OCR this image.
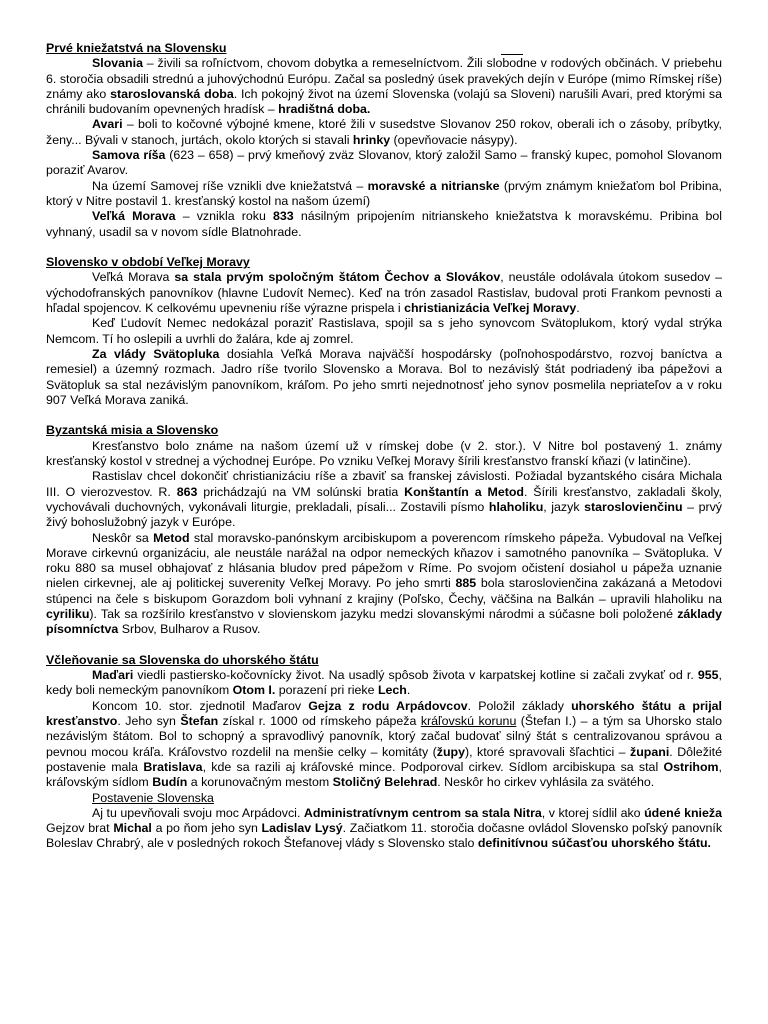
Prvé kniežatstvá na Slovensku

Slovania – živili sa roľníctvom, chovom dobytka a remeselníctvom. Žili slobodne v rodových občinách. V priebehu 6. storočia obsadili strednú a juhovýchodnú Európu. Začal sa posledný úsek pravekých dejín v Európe (mimo Rímskej ríše) známy ako staroslovanská doba. Ich pokojný život na území Slovenska (volajú sa Sloveni) narušili Avari, pred ktorými sa chránili budovaním opevnených hradísk – hradištná doba.

Avari – boli to kočovné výbojné kmene, ktoré žili v susedstve Slovanov 250 rokov, oberali ich o zásoby, príbytky, ženy... Bývali v stanoch, jurtách, okolo ktorých si stavali hrinky (opevňovacie násypy).

Samova ríša (623 – 658) – prvý kmeňový zväz Slovanov, ktorý založil Samo – franský kupec, pomohol Slovanom poraziť Avarov.

Na území Samovej ríše vznikli dve kniežatstvá – moravské a nitrianske (prvým známym kniežaťom bol Pribina, ktorý v Nitre postavil 1. kresťanský kostol na našom území)

Veľká Morava – vznikla roku 833 násilným pripojením nitrianskeho kniežatstva k moravskému. Pribina bol vyhnaný, usadil sa v novom sídle Blatnohrade.

Slovensko v období Veľkej Moravy

Veľká Morava sa stala prvým spoločným štátom Čechov a Slovákov, neustále odolávala útokom susedov – východofranských panovníkov (hlavne Ľudovít Nemec). Keď na trón zasadol Rastislav, budoval proti Frankom pevnosti a hľadal spojencov. K celkovému upevneniu ríše výrazne prispela i christianizácia Veľkej Moravy.

Keď Ľudovít Nemec nedokázal poraziť Rastislava, spojil sa s jeho synovcom Svätoplukom, ktorý vydal strýka Nemcom. Tí ho oslepili a uvrhli do žalára, kde aj zomrel.

Za vlády Svätopluka dosiahla Veľká Morava najväčší hospodársky (poľnohospodárstvo, rozvoj baníctva a remesiel) a územný rozmach. Jadro ríše tvorilo Slovensko a Morava. Bol to nezávislý štát podriadený iba pápežovi a Svätopluk sa stal nezávislým panovníkom, kráľom. Po jeho smrti nejednotnosť jeho synov posmelila nepriateľov a v roku 907 Veľká Morava zaniká.

Byzantská misia a Slovensko

Kresťanstvo bolo známe na našom území už v rímskej dobe (v 2. stor.). V Nitre bol postavený 1. známy kresťanský kostol v strednej a východnej Európe. Po vzniku Veľkej Moravy šírili kresťanstvo franskí kňazi (v latinčine).

Rastislav chcel dokončiť christianizáciu ríše a zbaviť sa franskej závislosti. Požiadal byzantského cisára Michala III. O vierozvestov. R. 863 prichádzajú na VM solúnski bratia Konštantín a Metod. Šírili kresťanstvo, zakladali školy, vychovávali duchovných, vykonávali liturgie, prekladali, písali... Zostavili písmo hlaholiku, jazyk staroslovienčinu – prvý živý bohoslužobný jazyk v Európe.

Neskôr sa Metod stal moravsko-panónskym arcibiskupom a poverencom rímskeho pápeža. Vybudoval na Veľkej Morave cirkevnú organizáciu, ale neustále narážal na odpor nemeckých kňazov i samotného panovníka – Svätopluka. V roku 880 sa musel obhajovať z hlásania bludov pred pápežom v Ríme. Po svojom očistení dosiahol u pápeža uznanie nielen cirkevnej, ale aj politickej suverenity Veľkej Moravy. Po jeho smrti 885 bola staroslovienčina zakázaná a Metodovi stúpenci na čele s biskupom Gorazdom boli vyhnaní z krajiny (Poľsko, Čechy, väčšina na Balkán – upravili hlaholiku na cyriliku). Tak sa rozšírilo kresťanstvo v slovienskom jazyku medzi slovanskými národmi a súčasne boli položené základy písomníctva Srbov, Bulharov a Rusov.

Včleňovanie sa Slovenska do uhorského štátu

Maďari viedli pastiersko-kočovnícky život. Na usadlý spôsob života v karpatskej kotline si začali zvykať od r. 955, kedy boli nemeckým panovníkom Otom I. porazení pri rieke Lech.

Koncom 10. stor. zjednotil Maďarov Gejza z rodu Arpádovcov. Položil základy uhorského štátu a prijal kresťanstvo. Jeho syn Štefan získal r. 1000 od rímskeho pápeža kráľovskú korunu (Štefan I.) – a tým sa Uhorsko stalo nezávislým štátom. Bol to schopný a spravodlivý panovník, ktorý začal budovať silný štát s centralizovanou správou a pevnou mocou kráľa. Kráľovstvo rozdelil na menšie celky – komitáty (župy), ktoré spravovali šľachtici – župani. Dôležité postavenie mala Bratislava, kde sa razili aj kráľovské mince. Podporoval cirkev. Sídlom arcibiskupa sa stal Ostrihom, kráľovským sídlom Budín a korunovačným mestom Stoličný Belehrad. Neskôr ho cirkev vyhlásila za svätého.

Postavenie Slovenska

Aj tu upevňovali svoju moc Arpádovci. Administratívnym centrom sa stala Nitra, v ktorej sídlil ako údené knieža Gejzov brat Michal a po ňom jeho syn Ladislav Lysý. Začiatkom 11. storočia dočasne ovládol Slovensko poľský panovník Boleslav Chrabrý, ale v posledných rokoch Štefanovej vlády s Slovensko stalo definitívnou súčasťou uhorského štátu.
